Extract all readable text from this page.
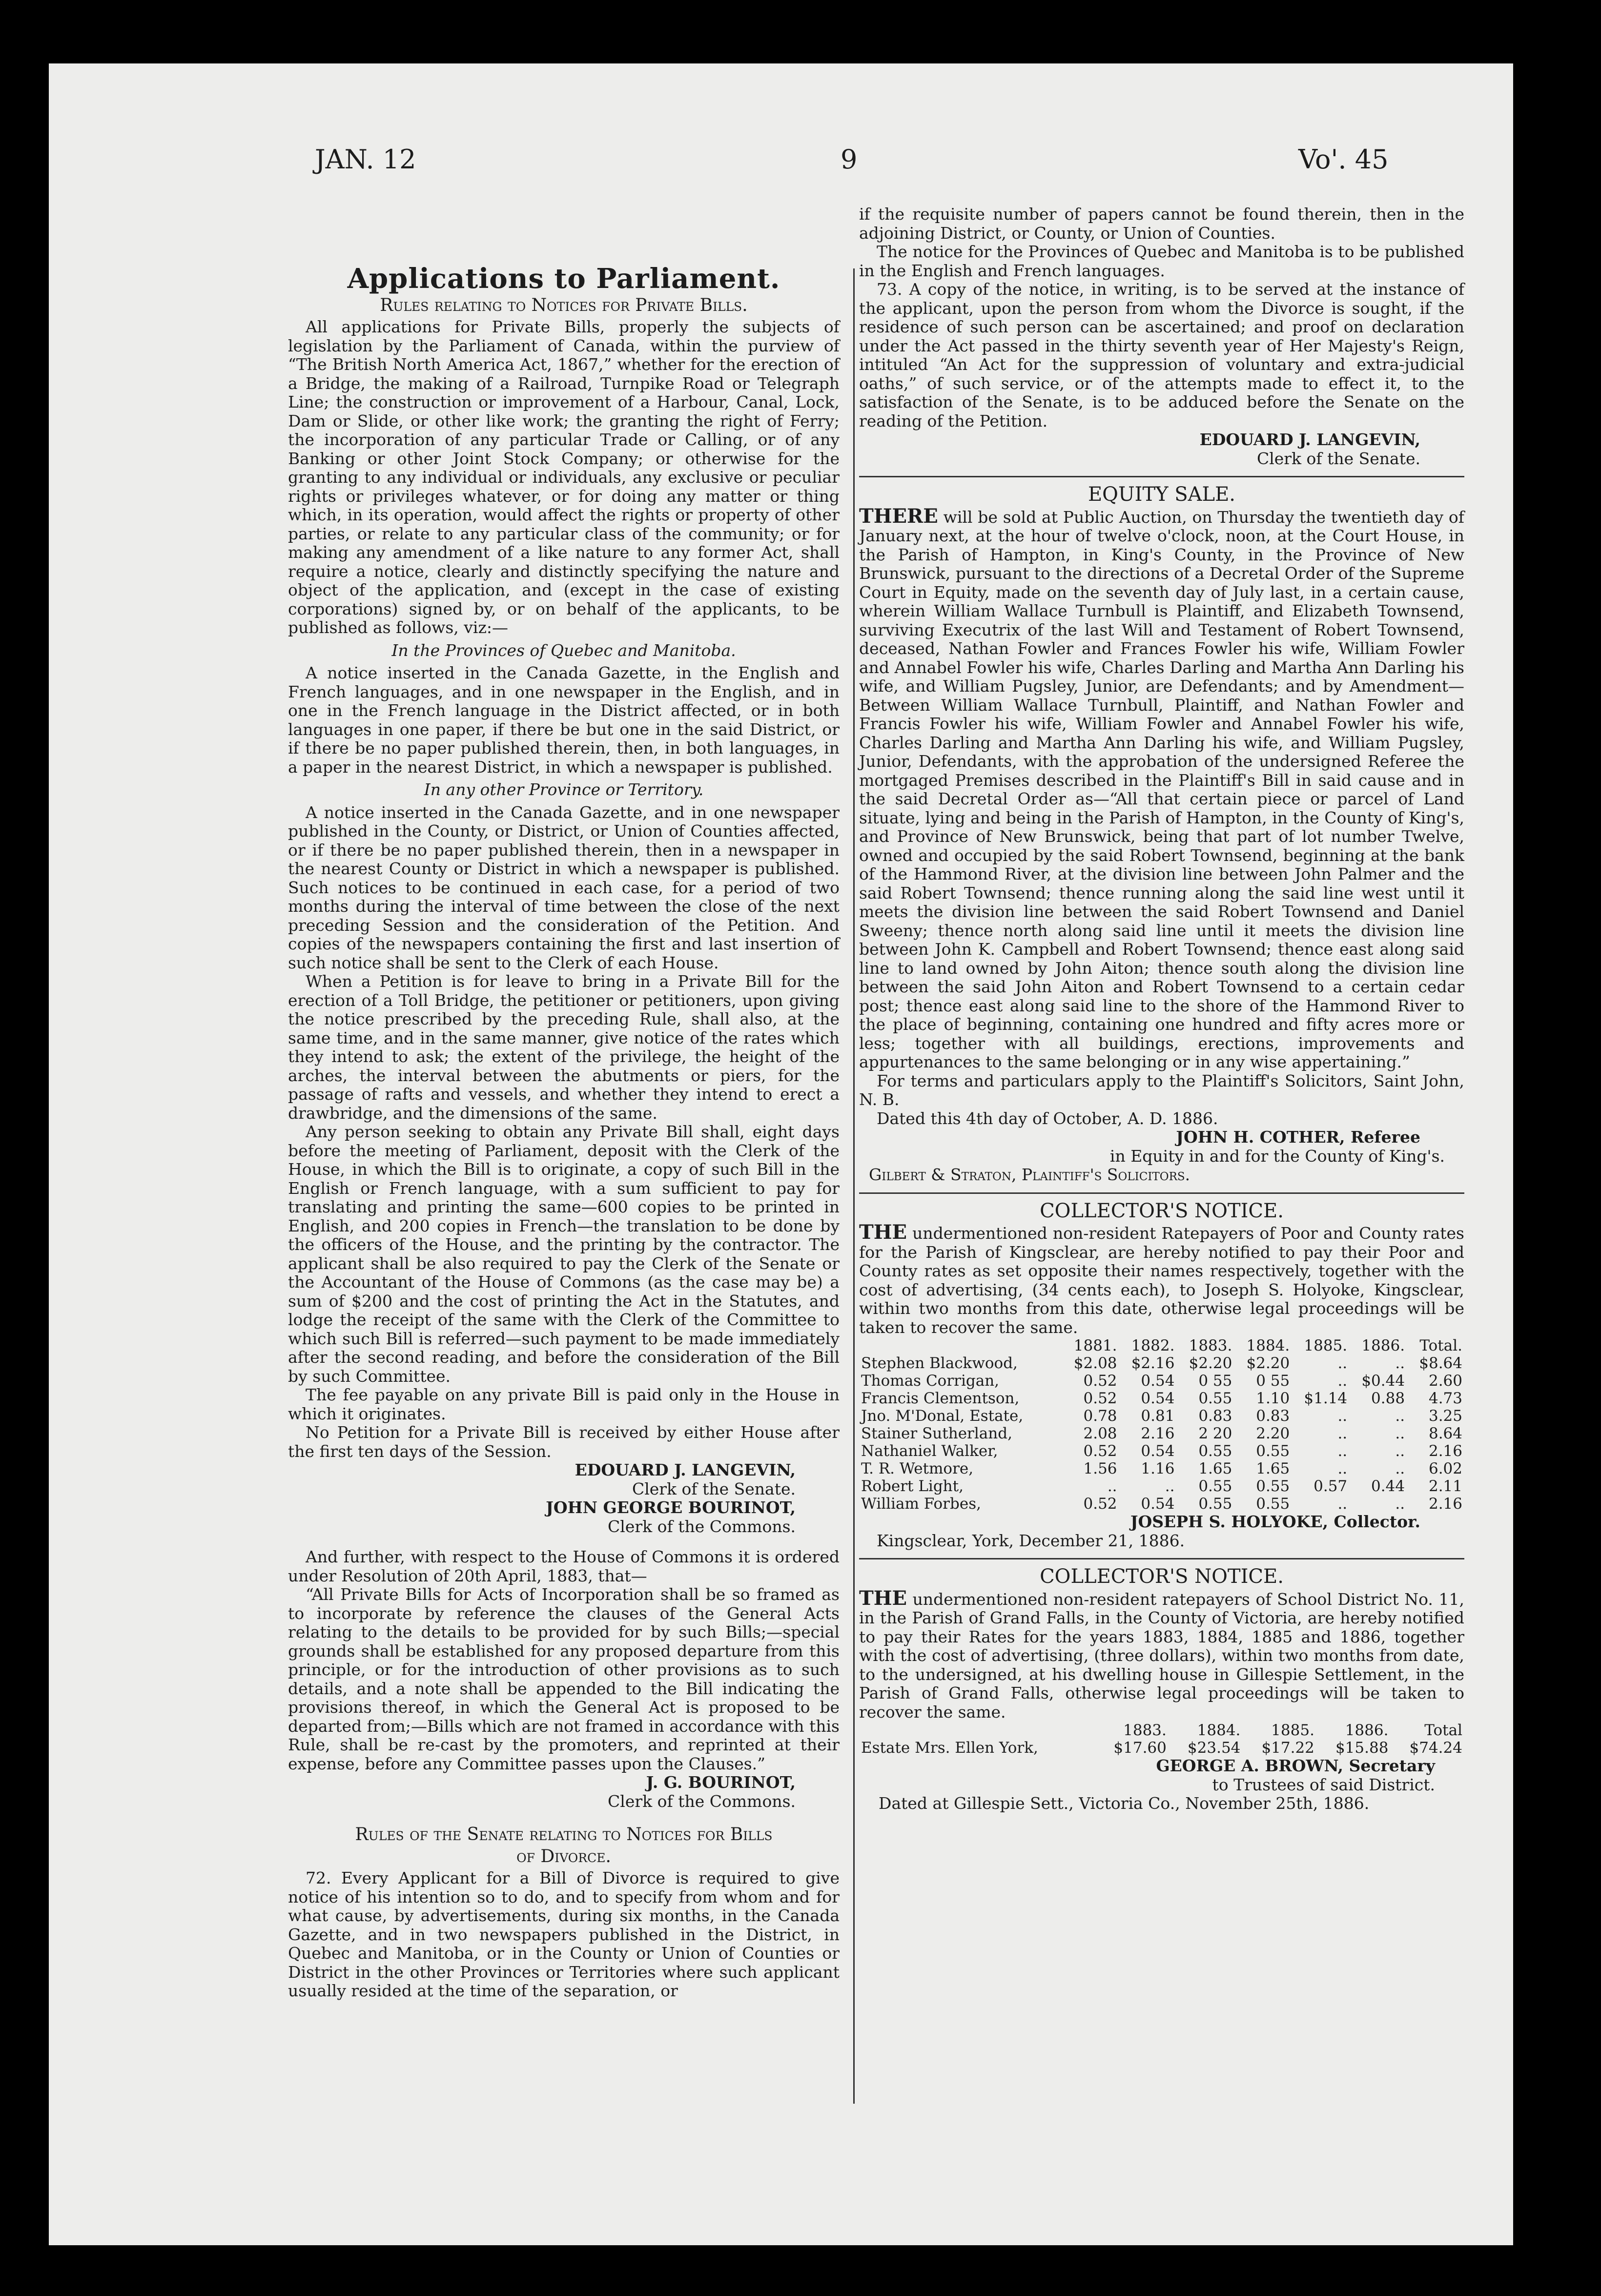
JAN. 12	9	Vo'. 45
Applications to Parliament.
Rules relating to Notices for Private Bills.

All applications for Private Bills, properly the subjects of legislation by the Parliament of Canada, within the purview of “The British North America Act, 1867,” whether for the erection of a Bridge, the making of a Railroad, Turnpike Road or Telegraph Line; the construction or improvement of a Harbour, Canal, Lock, Dam or Slide, or other like work; the granting the right of Ferry; the incorporation of any particular Trade or Calling, or of any Banking or other Joint Stock Company; or otherwise for the granting to any individual or individuals, any exclusive or peculiar rights or privileges whatever, or for doing any matter or thing which, in its operation, would affect the rights or property of other parties, or relate to any particular class of the community; or for making any amendment of a like nature to any former Act, shall require a notice, clearly and distinctly specifying the nature and object of the application, and (except in the case of existing corporations) signed by, or on behalf of the applicants, to be published as follows, viz:—

In the Provinces of Quebec and Manitoba.

A notice inserted in the Canada Gazette, in the English and French languages, and in one newspaper in the English, and in one in the French language in the District affected, or in both languages in one paper, if there be but one in the said District, or if there be no paper published therein, then, in both languages, in a paper in the nearest District, in which a newspaper is published.

In any other Province or Territory.

A notice inserted in the Canada Gazette, and in one newspaper published in the County, or District, or Union of Counties affected, or if there be no paper published therein, then in a newspaper in the nearest County or District in which a newspaper is published. Such notices to be continued in each case, for a period of two months during the interval of time between the close of the next preceding Session and the consideration of the Petition. And copies of the newspapers containing the first and last insertion of such notice shall be sent to the Clerk of each House.

When a Petition is for leave to bring in a Private Bill for the erection of a Toll Bridge, the petitioner or petitioners, upon giving the notice prescribed by the preceding Rule, shall also, at the same time, and in the same manner, give notice of the rates which they intend to ask; the extent of the privilege, the height of the arches, the interval between the abutments or piers, for the passage of rafts and vessels, and whether they intend to erect a drawbridge, and the dimensions of the same.

Any person seeking to obtain any Private Bill shall, eight days before the meeting of Parliament, deposit with the Clerk of the House, in which the Bill is to originate, a copy of such Bill in the English or French language, with a sum sufficient to pay for translating and printing the same—600 copies to be printed in English, and 200 copies in French—the translation to be done by the officers of the House, and the printing by the contractor. The applicant shall be also required to pay the Clerk of the Senate or the Accountant of the House of Commons (as the case may be) a sum of $200 and the cost of printing the Act in the Statutes, and lodge the receipt of the same with the Clerk of the Committee to which such Bill is referred—such payment to be made immediately after the second reading, and before the consideration of the Bill by such Committee.

The fee payable on any private Bill is paid only in the House in which it originates.

No Petition for a Private Bill is received by either House after the first ten days of the Session.

EDOUARD J. LANGEVIN,
Clerk of the Senate.
JOHN GEORGE BOURINOT,
Clerk of the Commons.

And further, with respect to the House of Commons it is ordered under Resolution of 20th April, 1883, that—

“All Private Bills for Acts of Incorporation shall be so framed as to incorporate by reference the clauses of the General Acts relating to the details to be provided for by such Bills;—special grounds shall be established for any proposed departure from this principle, or for the introduction of other provisions as to such details, and a note shall be appended to the Bill indicating the provisions thereof, in which the General Act is proposed to be departed from;—Bills which are not framed in accordance with this Rule, shall be re-cast by the promoters, and reprinted at their expense, before any Committee passes upon the Clauses.”

J. G. BOURINOT,
Clerk of the Commons.
Rules of the Senate relating to Notices for Bills
of Divorce.

72. Every Applicant for a Bill of Divorce is required to give notice of his intention so to do, and to specify from whom and for what cause, by advertisements, during six months, in the Canada Gazette, and in two newspapers published in the District, in Quebec and Manitoba, or in the County or Union of Counties or District in the other Provinces or Territories where such applicant usually resided at the time of the separation, or

if the requisite number of papers cannot be found therein, then in the adjoining District, or County, or Union of Counties.

The notice for the Provinces of Quebec and Manitoba is to be published in the English and French languages.

73. A copy of the notice, in writing, is to be served at the instance of the applicant, upon the person from whom the Divorce is sought, if the residence of such person can be ascertained; and proof on declaration under the Act passed in the thirty seventh year of Her Majesty's Reign, intituled “An Act for the suppression of voluntary and extra-judicial oaths,” of such service, or of the attempts made to effect it, to the satisfaction of the Senate, is to be adduced before the Senate on the reading of the Petition.

EDOUARD J. LANGEVIN,
Clerk of the Senate.
EQUITY SALE.

THERE will be sold at Public Auction, on Thursday the twentieth day of January next, at the hour of twelve o'clock, noon, at the Court House, in the Parish of Hampton, in King's County, in the Province of New Brunswick, pursuant to the directions of a Decretal Order of the Supreme Court in Equity, made on the seventh day of July last, in a certain cause, wherein William Wallace Turnbull is Plaintiff, and Elizabeth Townsend, surviving Executrix of the last Will and Testament of Robert Townsend, deceased, Nathan Fowler and Frances Fowler his wife, William Fowler and Annabel Fowler his wife, Charles Darling and Martha Ann Darling his wife, and William Pugsley, Junior, are Defendants; and by Amendment—Between William Wallace Turnbull, Plaintiff, and Nathan Fowler and Francis Fowler his wife, William Fowler and Annabel Fowler his wife, Charles Darling and Martha Ann Darling his wife, and William Pugsley, Junior, Defendants, with the approbation of the undersigned Referee the mortgaged Premises described in the Plaintiff's Bill in said cause and in the said Decretal Order as—“All that certain piece or parcel of Land situate, lying and being in the Parish of Hampton, in the County of King's, and Province of New Brunswick, being that part of lot number Twelve, owned and occupied by the said Robert Townsend, beginning at the bank of the Hammond River, at the division line between John Palmer and the said Robert Townsend; thence running along the said line west until it meets the division line between the said Robert Townsend and Daniel Sweeny; thence north along said line until it meets the division line between John K. Campbell and Robert Townsend; thence east along said line to land owned by John Aiton; thence south along the division line between the said John Aiton and Robert Townsend to a certain cedar post; thence east along said line to the shore of the Hammond River to the place of beginning, containing one hundred and fifty acres more or less; together with all buildings, erections, improvements and appurtenances to the same belonging or in any wise appertaining.”

For terms and particulars apply to the Plaintiff's Solicitors, Saint John, N. B.

Dated this 4th day of October, A. D. 1886.

JOHN H. COTHER, Referee
in Equity in and for the County of King's.
Gilbert & Straton, Plaintiff's Solicitors.
COLLECTOR'S NOTICE.

THE undermentioned non-resident Ratepayers of Poor and County rates for the Parish of Kingsclear, are hereby notified to pay their Poor and County rates as set opposite their names respectively, together with the cost of advertising, (34 cents each), to Joseph S. Holyoke, Kingsclear, within two months from this date, otherwise legal proceedings will be taken to recover the same.

	1881.	1882.	1883.	1884.	1885.	1886.	Total.
Stephen Blackwood,	$2.08	$2.16	$2.20	$2.20	..	..	$8.64
Thomas Corrigan,	0.52	0.54	0 55	0 55	..	$0.44	2.60
Francis Clementson,	0.52	0.54	0.55	1.10	$1.14	0.88	4.73
Jno. M'Donal, Estate,	0.78	0.81	0.83	0.83	..	..	3.25
Stainer Sutherland,	2.08	2.16	2 20	2.20	..	..	8.64
Nathaniel Walker,	0.52	0.54	0.55	0.55	..	..	2.16
T. R. Wetmore,	1.56	1.16	1.65	1.65	..	..	6.02
Robert Light,	..	..	0.55	0.55	0.57	0.44	2.11
William Forbes,	0.52	0.54	0.55	0.55	..	..	2.16
JOSEPH S. HOLYOKE, Collector.

Kingsclear, York, December 21, 1886.

COLLECTOR'S NOTICE.

THE undermentioned non-resident ratepayers of School District No. 11, in the Parish of Grand Falls, in the County of Victoria, are hereby notified to pay their Rates for the years 1883, 1884, 1885 and 1886, together with the cost of advertising, (three dollars), within two months from date, to the undersigned, at his dwelling house in Gillespie Settlement, in the Parish of Grand Falls, otherwise legal proceedings will be taken to recover the same.

	1883.	1884.	1885.	1886.	Total
Estate Mrs. Ellen York,	$17.60	$23.54	$17.22	$15.88	$74.24
GEORGE A. BROWN, Secretary
to Trustees of said District.

Dated at Gillespie Sett., Victoria Co., November 25th, 1886.
